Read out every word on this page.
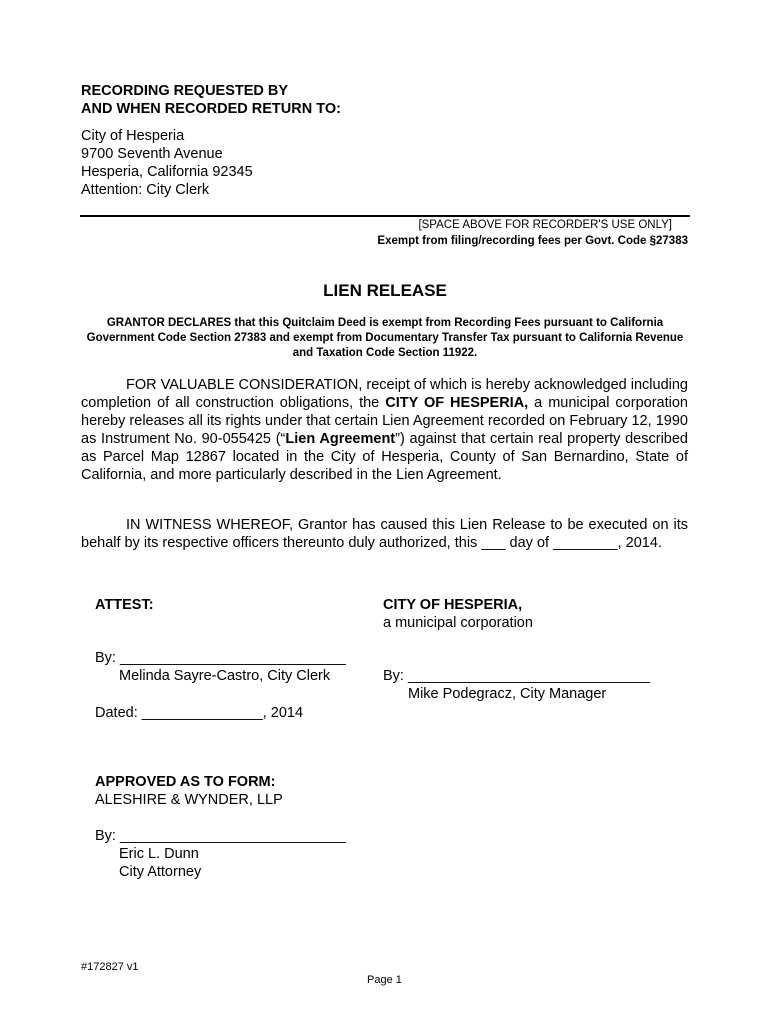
RECORDING REQUESTED BY
AND WHEN RECORDED RETURN TO:
City of Hesperia
9700 Seventh Avenue
Hesperia, California 92345
Attention: City Clerk
[SPACE ABOVE FOR RECORDER'S USE ONLY]
Exempt from filing/recording fees per Govt. Code §27383
LIEN RELEASE
GRANTOR DECLARES that this Quitclaim Deed is exempt from Recording Fees pursuant to California Government Code Section 27383 and exempt from Documentary Transfer Tax pursuant to California Revenue and Taxation Code Section 11922.
FOR VALUABLE CONSIDERATION, receipt of which is hereby acknowledged including completion of all construction obligations, the CITY OF HESPERIA, a municipal corporation hereby releases all its rights under that certain Lien Agreement recorded on February 12, 1990 as Instrument No. 90-055425 (“Lien Agreement”) against that certain real property described as Parcel Map 12867 located in the City of Hesperia, County of San Bernardino, State of California, and more particularly described in the Lien Agreement.
IN WITNESS WHEREOF, Grantor has caused this Lien Release to be executed on its behalf by its respective officers thereunto duly authorized, this ___ day of ________, 2014.
ATTEST:	CITY OF HESPERIA,
a municipal corporation
By: ____________________________
Melinda Sayre-Castro, City Clerk	By: ______________________________
Mike Podegracz, City Manager
Dated: _______________, 2014
APPROVED AS TO FORM:
ALESHIRE & WYNDER, LLP
By: ____________________________
Eric L. Dunn
City Attorney
#172827 v1
Page 1
